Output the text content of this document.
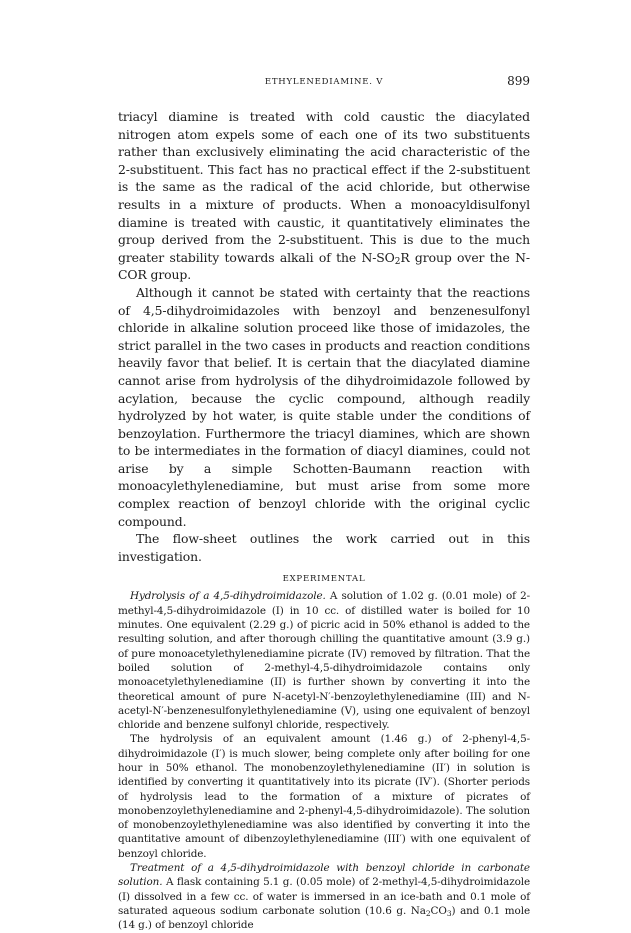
ETHYLENEDIAMINE. V	899

triacyl diamine is treated with cold caustic the diacylated nitrogen atom expels some of each one of its two substituents rather than exclusively eliminating the acid characteristic of the 2-substituent. This fact has no practical effect if the 2-substituent is the same as the radical of the acid chloride, but otherwise results in a mixture of products. When a monoacyldisulfonyl diamine is treated with caustic, it quantitatively eliminates the group derived from the 2-substituent. This is due to the much greater stability towards alkali of the $N-SO_2R$ group over the N-COR group.

Although it cannot be stated with certainty that the reactions of 4,5-dihydroimidazoles with benzoyl and benzenesulfonyl chloride in alkaline solution proceed like those of imidazoles, the strict parallel in the two cases in products and reaction conditions heavily favor that belief. It is certain that the diacylated diamine cannot arise from hydrolysis of the dihydroimidazole followed by acylation, because the cyclic compound, although readily hydrolyzed by hot water, is quite stable under the conditions of benzoylation. Furthermore the triacyl diamines, which are shown to be intermediates in the formation of diacyl diamines, could not arise by a simple Schotten-Baumann reaction with monoacylethylenediamine, but must arise from some more complex reaction of benzoyl chloride with the original cyclic compound.

The flow-sheet outlines the work carried out in this investigation.

EXPERIMENTAL

Hydrolysis of a 4,5-dihydroimidazole. A solution of 1.02 g. (0.01 mole) of 2-methyl-4,5-dihydroimidazole (I) in 10 cc. of distilled water is boiled for 10 minutes. One equivalent (2.29 g.) of picric acid in 50% ethanol is added to the resulting solution, and after thorough chilling the quantitative amount (3.9 g.) of pure monoacetylethylenediamine picrate (IV) removed by filtration. That the boiled solution of 2-methyl-4,5-dihydroimidazole contains only monoacetylethylenediamine (II) is further shown by converting it into the theoretical amount of pure N-acetyl-N′-benzoylethylenediamine (III) and N-acetyl-N′-benzenesulfonylethylenediamine (V), using one equivalent of benzoyl chloride and benzene sulfonyl chloride, respectively.

The hydrolysis of an equivalent amount (1.46 g.) of 2-phenyl-4,5-dihydroimidazole (I′) is much slower, being complete only after boiling for one hour in 50% ethanol. The monobenzoylethylenediamine (II′) in solution is identified by converting it quantitatively into its picrate (IV′). (Shorter periods of hydrolysis lead to the formation of a mixture of picrates of monobenzoylethylenediamine and 2-phenyl-4,5-dihydroimidazole). The solution of monobenzoylethylenediamine was also identified by converting it into the quantitative amount of dibenzoylethylenediamine (III′) with one equivalent of benzoyl chloride.

Treatment of a 4,5-dihydroimidazole with benzoyl chloride in carbonate solution. A flask containing 5.1 g. (0.05 mole) of 2-methyl-4,5-dihydroimidazole (I) dissolved in a few cc. of water is immersed in an ice-bath and 0.1 mole of saturated aqueous sodium carbonate solution (10.6 g. $Na_2CO_3$) and 0.1 mole (14 g.) of benzoyl chloride
